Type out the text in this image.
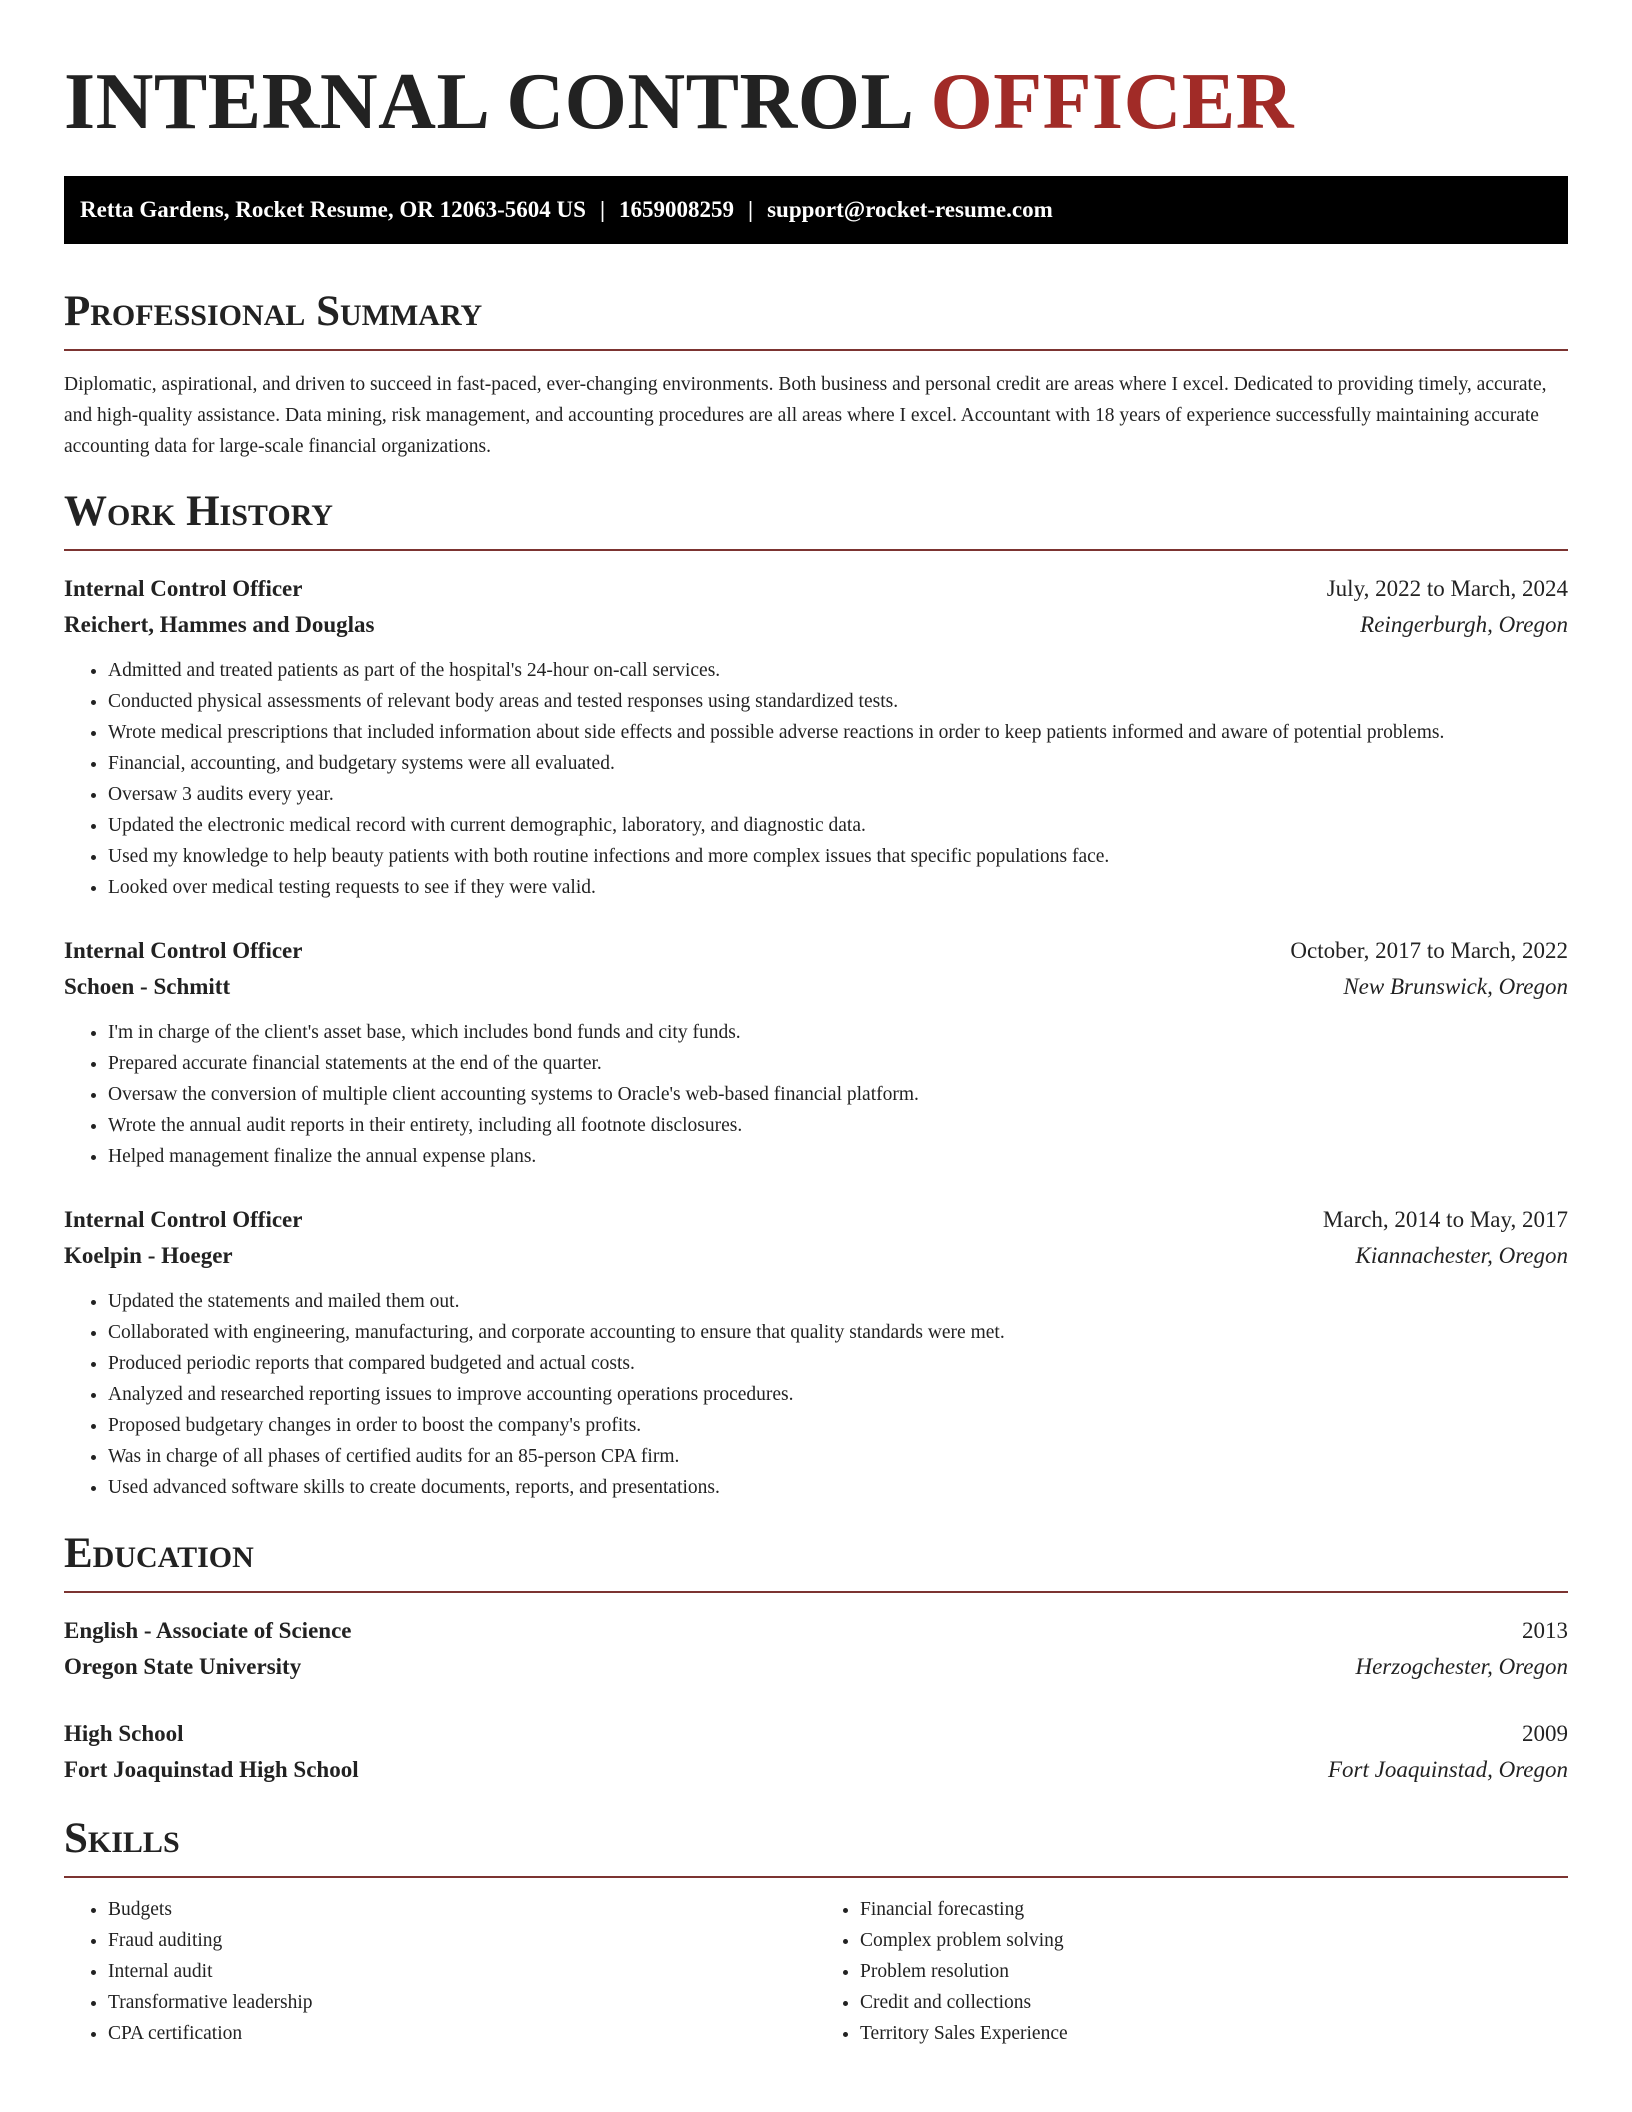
INTERNAL CONTROL OFFICER
Retta Gardens, Rocket Resume, OR 12063-5604 US | 1659008259 | support@rocket-resume.com
Professional Summary

Diplomatic, aspirational, and driven to succeed in fast-paced, ever-changing environments. Both business and personal credit are areas where I excel. Dedicated to providing timely, accurate, and high-quality assistance. Data mining, risk management, and accounting procedures are all areas where I excel. Accountant with 18 years of experience successfully maintaining accurate accounting data for large-scale financial organizations.

Work History
Internal Control Officer	July, 2022 to March, 2024
Reichert, Hammes and Douglas	Reingerburgh, Oregon
• Admitted and treated patients as part of the hospital's 24-hour on-call services.
• Conducted physical assessments of relevant body areas and tested responses using standardized tests.
• Wrote medical prescriptions that included information about side effects and possible adverse reactions in order to keep patients informed and aware of potential problems.
• Financial, accounting, and budgetary systems were all evaluated.
• Oversaw 3 audits every year.
• Updated the electronic medical record with current demographic, laboratory, and diagnostic data.
• Used my knowledge to help beauty patients with both routine infections and more complex issues that specific populations face.
• Looked over medical testing requests to see if they were valid.
Internal Control Officer	October, 2017 to March, 2022
Schoen - Schmitt	New Brunswick, Oregon
• I'm in charge of the client's asset base, which includes bond funds and city funds.
• Prepared accurate financial statements at the end of the quarter.
• Oversaw the conversion of multiple client accounting systems to Oracle's web-based financial platform.
• Wrote the annual audit reports in their entirety, including all footnote disclosures.
• Helped management finalize the annual expense plans.
Internal Control Officer	March, 2014 to May, 2017
Koelpin - Hoeger	Kiannachester, Oregon
• Updated the statements and mailed them out.
• Collaborated with engineering, manufacturing, and corporate accounting to ensure that quality standards were met.
• Produced periodic reports that compared budgeted and actual costs.
• Analyzed and researched reporting issues to improve accounting operations procedures.
• Proposed budgetary changes in order to boost the company's profits.
• Was in charge of all phases of certified audits for an 85-person CPA firm.
• Used advanced software skills to create documents, reports, and presentations.
Education
English - Associate of Science	2013
Oregon State University	Herzogchester, Oregon
High School	2009
Fort Joaquinstad High School	Fort Joaquinstad, Oregon
Skills
• Budgets
• Fraud auditing
• Internal audit
• Transformative leadership
• CPA certification
• Financial forecasting
• Complex problem solving
• Problem resolution
• Credit and collections
• Territory Sales Experience
